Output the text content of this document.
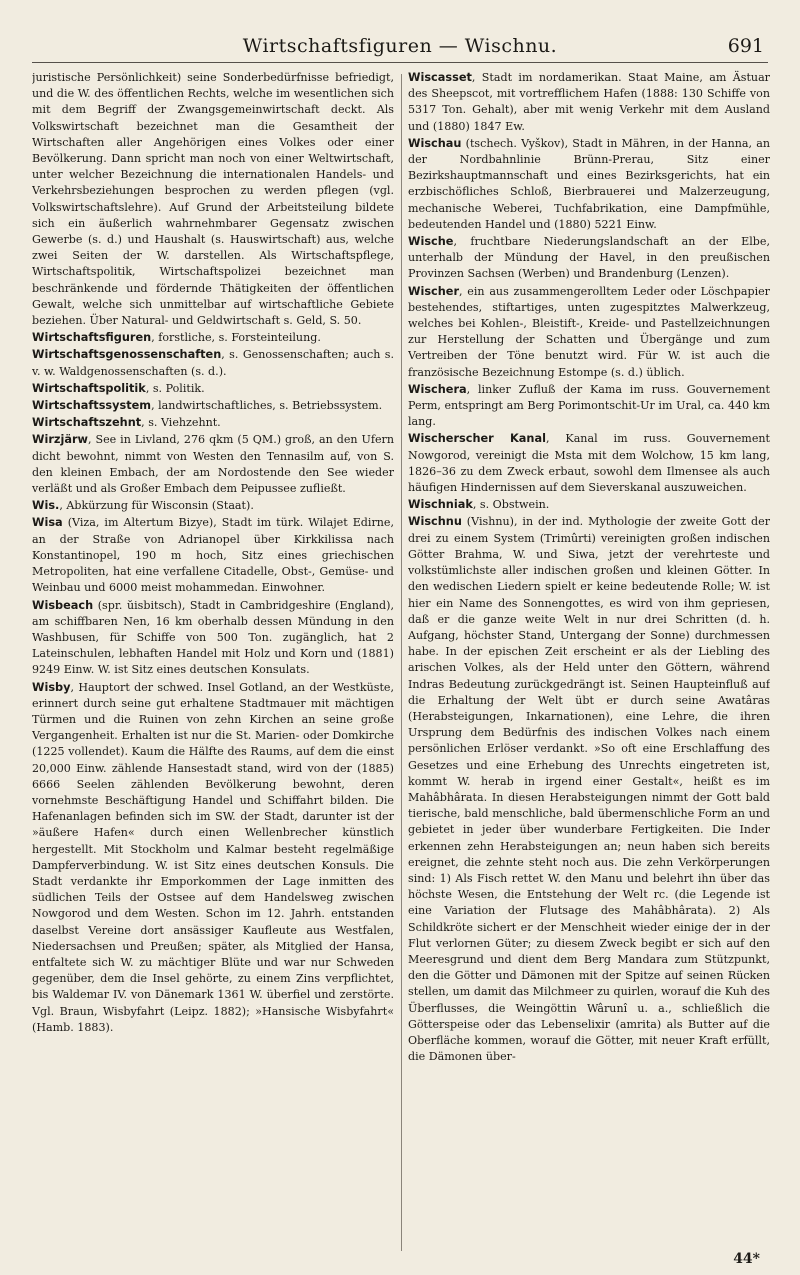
Wirtschaftsfiguren — Wischnu.	691

juristische Persönlichkeit) seine Sonderbedürfnisse befriedigt, und die W. des öffentlichen Rechts, welche im wesentlichen sich mit dem Begriff der Zwangsgemeinwirtschaft deckt. Als Volkswirtschaft bezeichnet man die Gesamtheit der Wirtschaften aller Angehörigen eines Volkes oder einer Bevölkerung. Dann spricht man noch von einer Weltwirtschaft, unter welcher Bezeichnung die internationalen Handels- und Verkehrsbeziehungen besprochen zu werden pflegen (vgl. Volkswirtschaftslehre). Auf Grund der Arbeitsteilung bildete sich ein äußerlich wahrnehmbarer Gegensatz zwischen Gewerbe (s. d.) und Haushalt (s. Hauswirtschaft) aus, welche zwei Seiten der W. darstellen. Als Wirtschaftspflege, Wirtschaftspolitik, Wirtschaftspolizei bezeichnet man beschränkende und fördernde Thätigkeiten der öffentlichen Gewalt, welche sich unmittelbar auf wirtschaftliche Gebiete beziehen. Über Natural- und Geldwirtschaft s. Geld, S. 50.

Wirtschaftsfiguren, forstliche, s. Forsteinteilung.

Wirtschaftsgenossenschaften, s. Genossenschaften; auch s. v. w. Waldgenossenschaften (s. d.).

Wirtschaftspolitik, s. Politik.

Wirtschaftssystem, landwirtschaftliches, s. Betriebssystem.

Wirtschaftszehnt, s. Viehzehnt.

Wirzjärw, See in Livland, 276 qkm (5 QM.) groß, an den Ufern dicht bewohnt, nimmt von Westen den Tennasilm auf, von S. den kleinen Embach, der am Nordostende den See wieder verläßt und als Großer Embach dem Peipussee zufließt.

Wis., Abkürzung für Wisconsin (Staat).

Wisa (Viza, im Altertum Bizye), Stadt im türk. Wilajet Edirne, an der Straße von Adrianopel über Kirkkilissa nach Konstantinopel, 190 m hoch, Sitz eines griechischen Metropoliten, hat eine verfallene Citadelle, Obst-, Gemüse- und Weinbau und 6000 meist mohammedan. Einwohner.

Wisbeach (spr. ŭisbitsch), Stadt in Cambridgeshire (England), am schiffbaren Nen, 16 km oberhalb dessen Mündung in den Washbusen, für Schiffe von 500 Ton. zugänglich, hat 2 Lateinschulen, lebhaften Handel mit Holz und Korn und (1881) 9249 Einw. W. ist Sitz eines deutschen Konsulats.

Wisby, Hauptort der schwed. Insel Gotland, an der Westküste, erinnert durch seine gut erhaltene Stadtmauer mit mächtigen Türmen und die Ruinen von zehn Kirchen an seine große Vergangenheit. Erhalten ist nur die St. Marien- oder Domkirche (1225 vollendet). Kaum die Hälfte des Raums, auf dem die einst 20,000 Einw. zählende Hansestadt stand, wird von der (1885) 6666 Seelen zählenden Bevölkerung bewohnt, deren vornehmste Beschäftigung Handel und Schiffahrt bilden. Die Hafenanlagen befinden sich im SW. der Stadt, darunter ist der »äußere Hafen« durch einen Wellenbrecher künstlich hergestellt. Mit Stockholm und Kalmar besteht regelmäßige Dampferverbindung. W. ist Sitz eines deutschen Konsuls. Die Stadt verdankte ihr Emporkommen der Lage inmitten des südlichen Teils der Ostsee auf dem Handelsweg zwischen Nowgorod und dem Westen. Schon im 12. Jahrh. entstanden daselbst Vereine dort ansässiger Kaufleute aus Westfalen, Niedersachsen und Preußen; später, als Mitglied der Hansa, entfaltete sich W. zu mächtiger Blüte und war nur Schweden gegenüber, dem die Insel gehörte, zu einem Zins verpflichtet, bis Waldemar IV. von Dänemark 1361 W. überfiel und zerstörte. Vgl. Braun, Wisbyfahrt (Leipz. 1882); »Hansische Wisbyfahrt« (Hamb. 1883).

Wiscasset, Stadt im nordamerikan. Staat Maine, am Ästuar des Sheepscot, mit vortrefflichem Hafen (1888: 130 Schiffe von 5317 Ton. Gehalt), aber mit wenig Verkehr mit dem Ausland und (1880) 1847 Ew.

Wischau (tschech. Vyškov), Stadt in Mähren, in der Hanna, an der Nordbahnlinie Brünn-Prerau, Sitz einer Bezirkshauptmannschaft und eines Bezirksgerichts, hat ein erzbischöfliches Schloß, Bierbrauerei und Malzerzeugung, mechanische Weberei, Tuchfabrikation, eine Dampfmühle, bedeutenden Handel und (1880) 5221 Einw.

Wische, fruchtbare Niederungslandschaft an der Elbe, unterhalb der Mündung der Havel, in den preußischen Provinzen Sachsen (Werben) und Brandenburg (Lenzen).

Wischer, ein aus zusammengerolltem Leder oder Löschpapier bestehendes, stiftartiges, unten zugespitztes Malwerkzeug, welches bei Kohlen-, Bleistift-, Kreide- und Pastellzeichnungen zur Herstellung der Schatten und Übergänge und zum Vertreiben der Töne benutzt wird. Für W. ist auch die französische Bezeichnung Estompe (s. d.) üblich.

Wischera, linker Zufluß der Kama im russ. Gouvernement Perm, entspringt am Berg Porimontschit-Ur im Ural, ca. 440 km lang.

Wischerscher Kanal, Kanal im russ. Gouvernement Nowgorod, vereinigt die Msta mit dem Wolchow, 15 km lang, 1826–36 zu dem Zweck erbaut, sowohl dem Ilmensee als auch häufigen Hindernissen auf dem Sieverskanal auszuweichen.

Wischniak, s. Obstwein.

Wischnu (Vishnu), in der ind. Mythologie der zweite Gott der drei zu einem System (Trimûrti) vereinigten großen indischen Götter Brahma, W. und Siwa, jetzt der verehrteste und volkstümlichste aller indischen großen und kleinen Götter. In den wedischen Liedern spielt er keine bedeutende Rolle; W. ist hier ein Name des Sonnengottes, es wird von ihm gepriesen, daß er die ganze weite Welt in nur drei Schritten (d. h. Aufgang, höchster Stand, Untergang der Sonne) durchmessen habe. In der epischen Zeit erscheint er als der Liebling des arischen Volkes, als der Held unter den Göttern, während Indras Bedeutung zurückgedrängt ist. Seinen Haupteinfluß auf die Erhaltung der Welt übt er durch seine Awatâras (Herabsteigungen, Inkarnationen), eine Lehre, die ihren Ursprung dem Bedürfnis des indischen Volkes nach einem persönlichen Erlöser verdankt. »So oft eine Erschlaffung des Gesetzes und eine Erhebung des Unrechts eingetreten ist, kommt W. herab in irgend einer Gestalt«, heißt es im Mahâbhârata. In diesen Herabsteigungen nimmt der Gott bald tierische, bald menschliche, bald übermenschliche Form an und gebietet in jeder über wunderbare Fertigkeiten. Die Inder erkennen zehn Herabsteigungen an; neun haben sich bereits ereignet, die zehnte steht noch aus. Die zehn Verkörperungen sind: 1) Als Fisch rettet W. den Manu und belehrt ihn über das höchste Wesen, die Entstehung der Welt rc. (die Legende ist eine Variation der Flutsage des Mahâbhârata). 2) Als Schildkröte sichert er der Menschheit wieder einige der in der Flut verlornen Güter; zu diesem Zweck begibt er sich auf den Meeresgrund und dient dem Berg Mandara zum Stützpunkt, den die Götter und Dämonen mit der Spitze auf seinen Rücken stellen, um damit das Milchmeer zu quirlen, worauf die Kuh des Überflusses, die Weingöttin Wârunî u. a., schließlich die Götterspeise oder das Lebenselixir (amrita) als Butter auf die Oberfläche kommen, worauf die Götter, mit neuer Kraft erfüllt, die Dämonen über-

44*
